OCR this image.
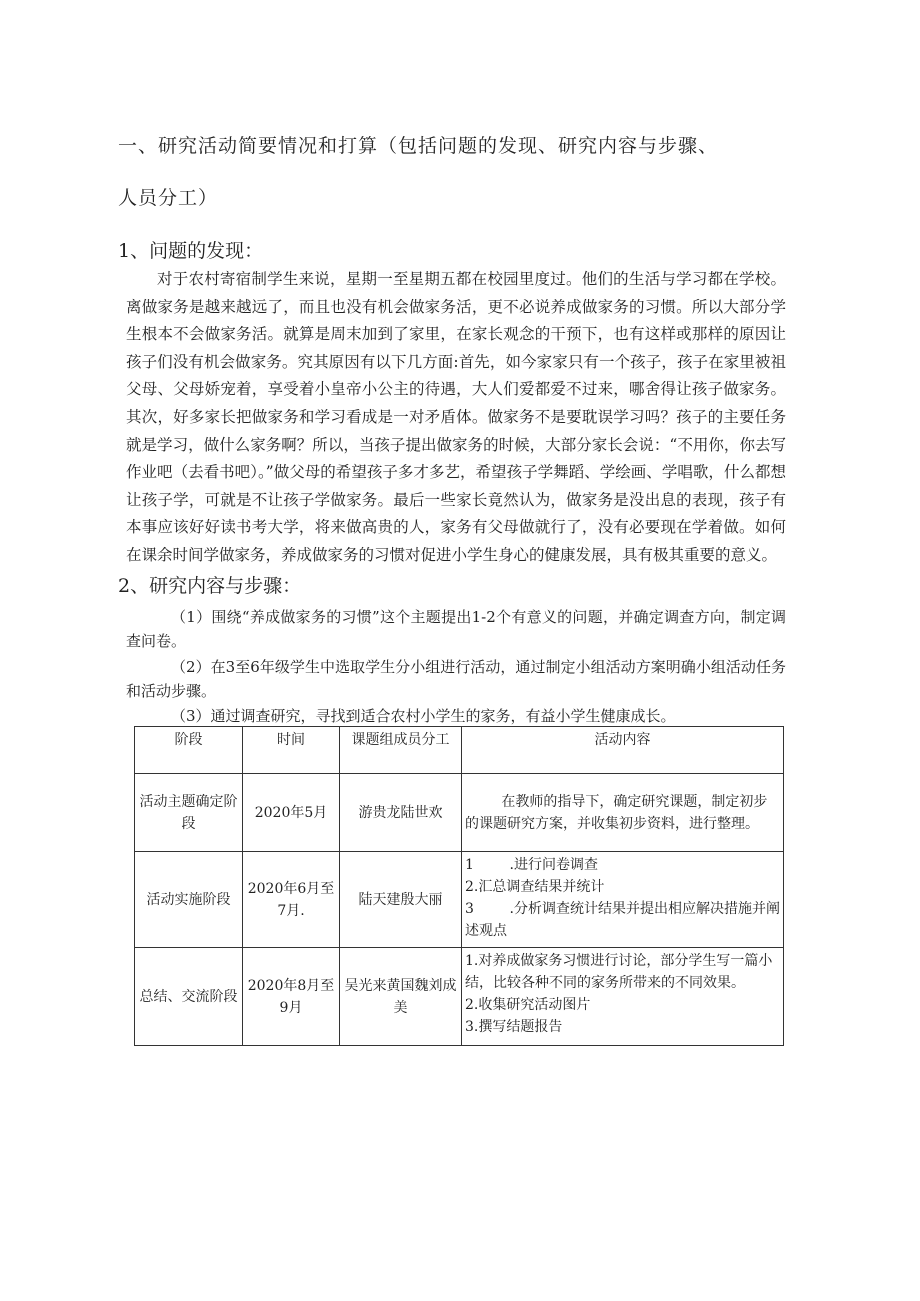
一、研究活动简要情况和打算（包括问题的发现、研究内容与步骤、
人员分工）
1、问题的发现：

对于农村寄宿制学生来说，星期一至星期五都在校园里度过。他们的生活与学习都在学校。离做家务是越来越远了，而且也没有机会做家务活，更不必说养成做家务的习惯。所以大部分学生根本不会做家务活。就算是周末加到了家里，在家长观念的干预下，也有这样或那样的原因让孩子们没有机会做家务。究其原因有以下几方面:首先，如今家家只有一个孩子，孩子在家里被祖父母、父母娇宠着，享受着小皇帝小公主的待遇，大人们爱都爱不过来，哪舍得让孩子做家务。其次，好多家长把做家务和学习看成是一对矛盾体。做家务不是要耽误学习吗？孩子的主要任务就是学习，做什么家务啊？所以，当孩子提出做家务的时候，大部分家长会说：“不用你，你去写作业吧（去看书吧）。”做父母的希望孩子多才多艺，希望孩子学舞蹈、学绘画、学唱歌，什么都想让孩子学，可就是不让孩子学做家务。最后一些家长竟然认为，做家务是没出息的表现，孩子有本事应该好好读书考大学，将来做高贵的人，家务有父母做就行了，没有必要现在学着做。如何在课余时间学做家务，养成做家务的习惯对促进小学生身心的健康发展，具有极其重要的意义。

2、研究内容与步骤：

（1）围绕“养成做家务的习惯”这个主题提出1-2个有意义的问题，并确定调查方向，制定调查问卷。

（2）在3至6年级学生中选取学生分小组进行活动，通过制定小组活动方案明确小组活动任务和活动步骤。

（3）通过调查研究，寻找到适合农村小学生的家务，有益小学生健康成长。

阶段	时间	课题组成员分工	活动内容
活动主题确定阶段	2020年5月	游贵龙陆世欢	在教师的指导下，确定研究课题，制定初步的课题研究方案，并收集初步资料，进行整理。

活动实施阶段	2020年6月至7月.	陆天建殷大丽	1        .进行问卷调查
2.汇总调查结果并统计
3        .分析调查统计结果并提出相应解决措施并阐述观点

总结、交流阶段	2020年8月至9月	吴光来黄国魏刘成美	1.对养成做家务习惯进行讨论，部分学生写一篇小结，比较各种不同的家务所带来的不同效果。
2.收集研究活动图片
3.撰写结题报告
